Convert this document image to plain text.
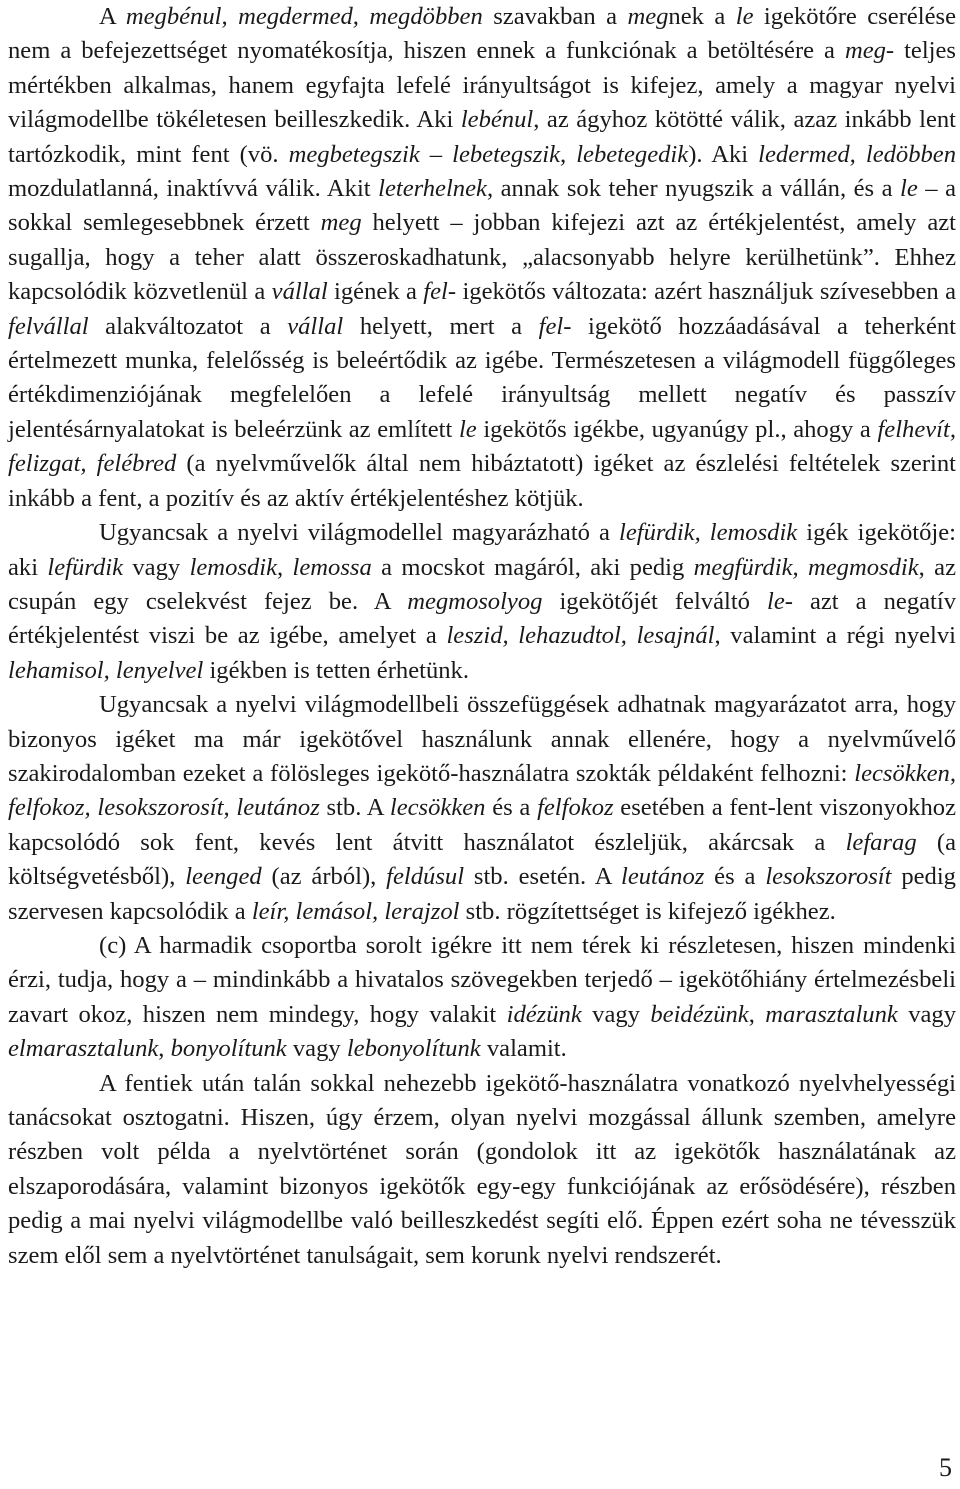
A megbénul, megdermed, megdöbben szavakban a megnek a le igekötőre cserélése nem a befejezettséget nyomatékosítja, hiszen ennek a funkciónak a betöltésére a meg- teljes mértékben alkalmas, hanem egyfajta lefelé irányultságot is kifejez, amely a magyar nyelvi világmodellbe tökéletesen beilleszkedik. Aki lebénul, az ágyhoz kötötté válik, azaz inkább lent tartózkodik, mint fent (vö. megbetegszik – lebetegszik, lebetegedik). Aki ledermed, ledöbben mozdulatlanná, inaktívvá válik. Akit leterhelnek, annak sok teher nyugszik a vállán, és a le – a sokkal semlegesebbnek érzett meg helyett – jobban kifejezi azt az értékjelentést, amely azt sugallja, hogy a teher alatt összeroskadhatunk, „alacsonyabb helyre kerülhetünk”. Ehhez kapcsolódik közvetlenül a vállal igének a fel- igekötős változata: azért használjuk szívesebben a felvállal alakváltozatot a vállal helyett, mert a fel- igekötő hozzáadásával a teherként értelmezett munka, felelősség is beleértődik az igébe. Természetesen a világmodell függőleges értékdimenziójának megfelelően a lefelé irányultság mellett negatív és passzív jelentésárnyalatokat is beleérzünk az említett le igekötős igékbe, ugyanúgy pl., ahogy a felhevít, felizgat, felébred (a nyelvművelők által nem hibáztatott) igéket az észlelési feltételek szerint inkább a fent, a pozitív és az aktív értékjelentéshez kötjük.

Ugyancsak a nyelvi világmodellel magyarázható a lefürdik, lemosdik igék igekötője: aki lefürdik vagy lemosdik, lemossa a mocskot magáról, aki pedig megfürdik, megmosdik, az csupán egy cselekvést fejez be. A megmosolyog igekötőjét felváltó le- azt a negatív értékjelentést viszi be az igébe, amelyet a leszid, lehazudtol, lesajnál, valamint a régi nyelvi lehamisol, lenyelvel igékben is tetten érhetünk.

Ugyancsak a nyelvi világmodellbeli összefüggések adhatnak magyarázatot arra, hogy bizonyos igéket ma már igekötővel használunk annak ellenére, hogy a nyelvművelő szakirodalomban ezeket a fölösleges igekötő-használatra szokták példaként felhozni: lecsökken, felfokoz, lesokszorosít, leutánoz stb. A lecsökken és a felfokoz esetében a fent-lent viszonyokhoz kapcsolódó sok fent, kevés lent átvitt használatot észleljük, akárcsak a lefarag (a költségvetésből), leenged (az árból), feldúsul stb. esetén. A leutánoz és a lesokszorosít pedig szervesen kapcsolódik a leír, lemásol, lerajzol stb. rögzítettséget is kifejező igékhez.

(c) A harmadik csoportba sorolt igékre itt nem térek ki részletesen, hiszen mindenki érzi, tudja, hogy a – mindinkább a hivatalos szövegekben terjedő – igekötőhiány értelmezésbeli zavart okoz, hiszen nem mindegy, hogy valakit idézünk vagy beidézünk, marasztalunk vagy elmarasztalunk, bonyolítunk vagy lebonyolítunk valamit.

A fentiek után talán sokkal nehezebb igekötő-használatra vonatkozó nyelvhelyességi tanácsokat osztogatni. Hiszen, úgy érzem, olyan nyelvi mozgással állunk szemben, amelyre részben volt példa a nyelvtörténet során (gondolok itt az igekötők használatának az elszaporodására, valamint bizonyos igekötők egy-egy funkciójának az erősödésére), részben pedig a mai nyelvi világmodellbe való beilleszkedést segíti elő. Éppen ezért soha ne tévesszük szem elől sem a nyelvtörténet tanulságait, sem korunk nyelvi rendszerét.

5
